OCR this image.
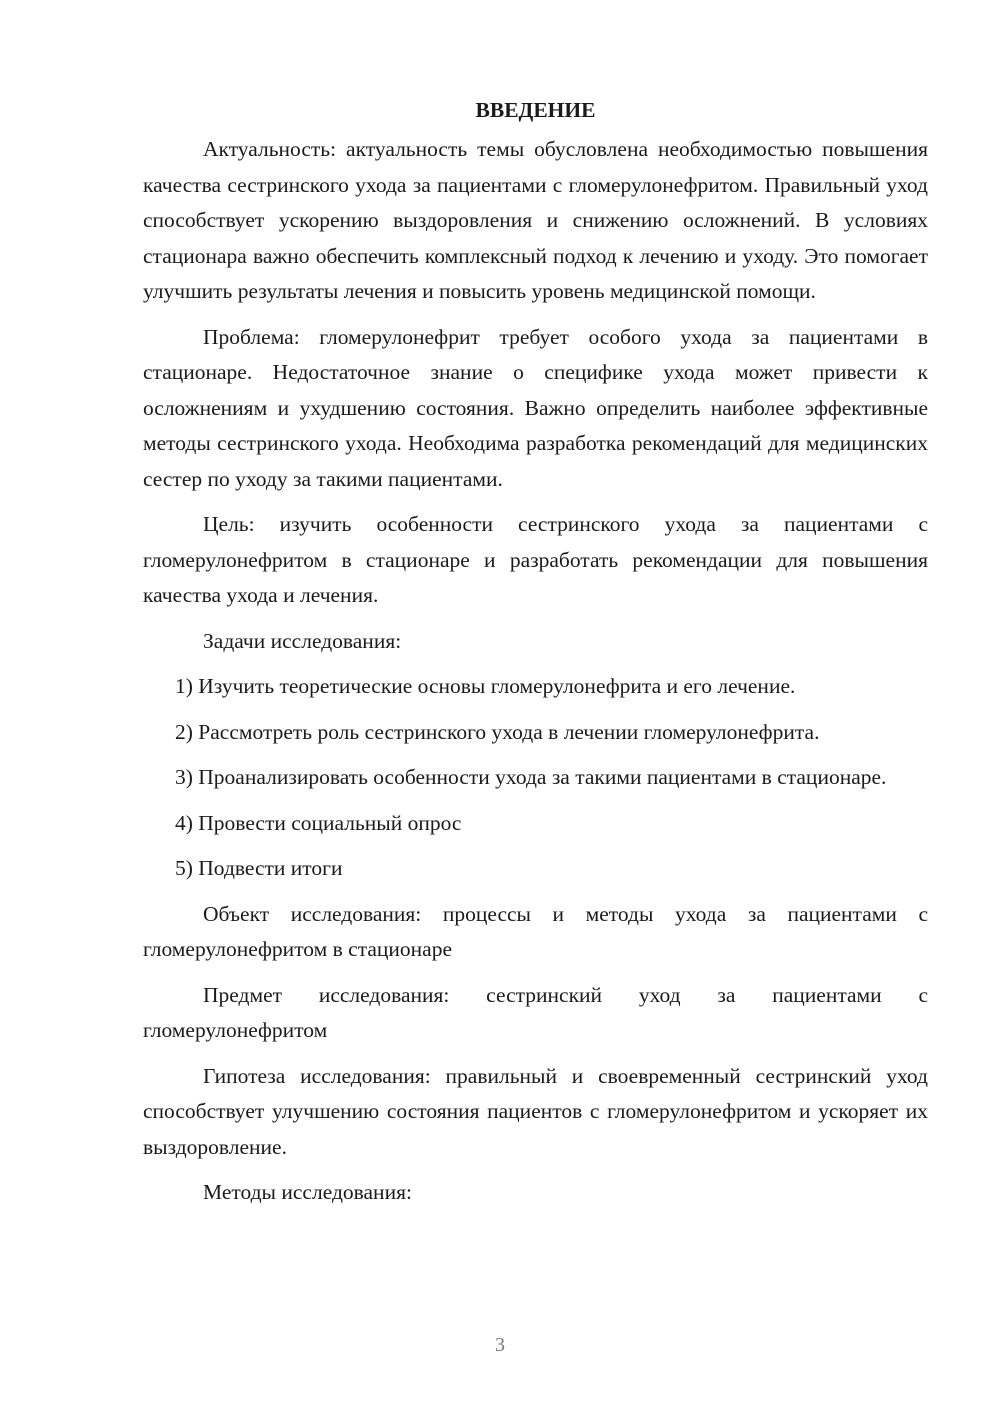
ВВЕДЕНИЕ

Актуальность: актуальность темы обусловлена необходимостью повышения качества сестринского ухода за пациентами с гломерулонефритом. Правильный уход способствует ускорению выздоровления и снижению осложнений. В условиях стационара важно обеспечить комплексный подход к лечению и уходу. Это помогает улучшить результаты лечения и повысить уровень медицинской помощи.

Проблема: гломерулонефрит требует особого ухода за пациентами в стационаре. Недостаточное знание о специфике ухода может привести к осложнениям и ухудшению состояния. Важно определить наиболее эффективные методы сестринского ухода. Необходима разработка рекомендаций для медицинских сестер по уходу за такими пациентами.

Цель: изучить особенности сестринского ухода за пациентами с гломерулонефритом в стационаре и разработать рекомендации для повышения качества ухода и лечения.

Задачи исследования:

1) Изучить теоретические основы гломерулонефрита и его лечение.

2) Рассмотреть роль сестринского ухода в лечении гломерулонефрита.

3) Проанализировать особенности ухода за такими пациентами в стационаре.

4) Провести социальный опрос

5) Подвести итоги

Объект исследования: процессы и методы ухода за пациентами с гломерулонефритом в стационаре

Предмет исследования: сестринский уход за пациентами с гломерулонефритом

Гипотеза исследования: правильный и своевременный сестринский уход способствует улучшению состояния пациентов с гломерулонефритом и ускоряет их выздоровление.

Методы исследования:

3
